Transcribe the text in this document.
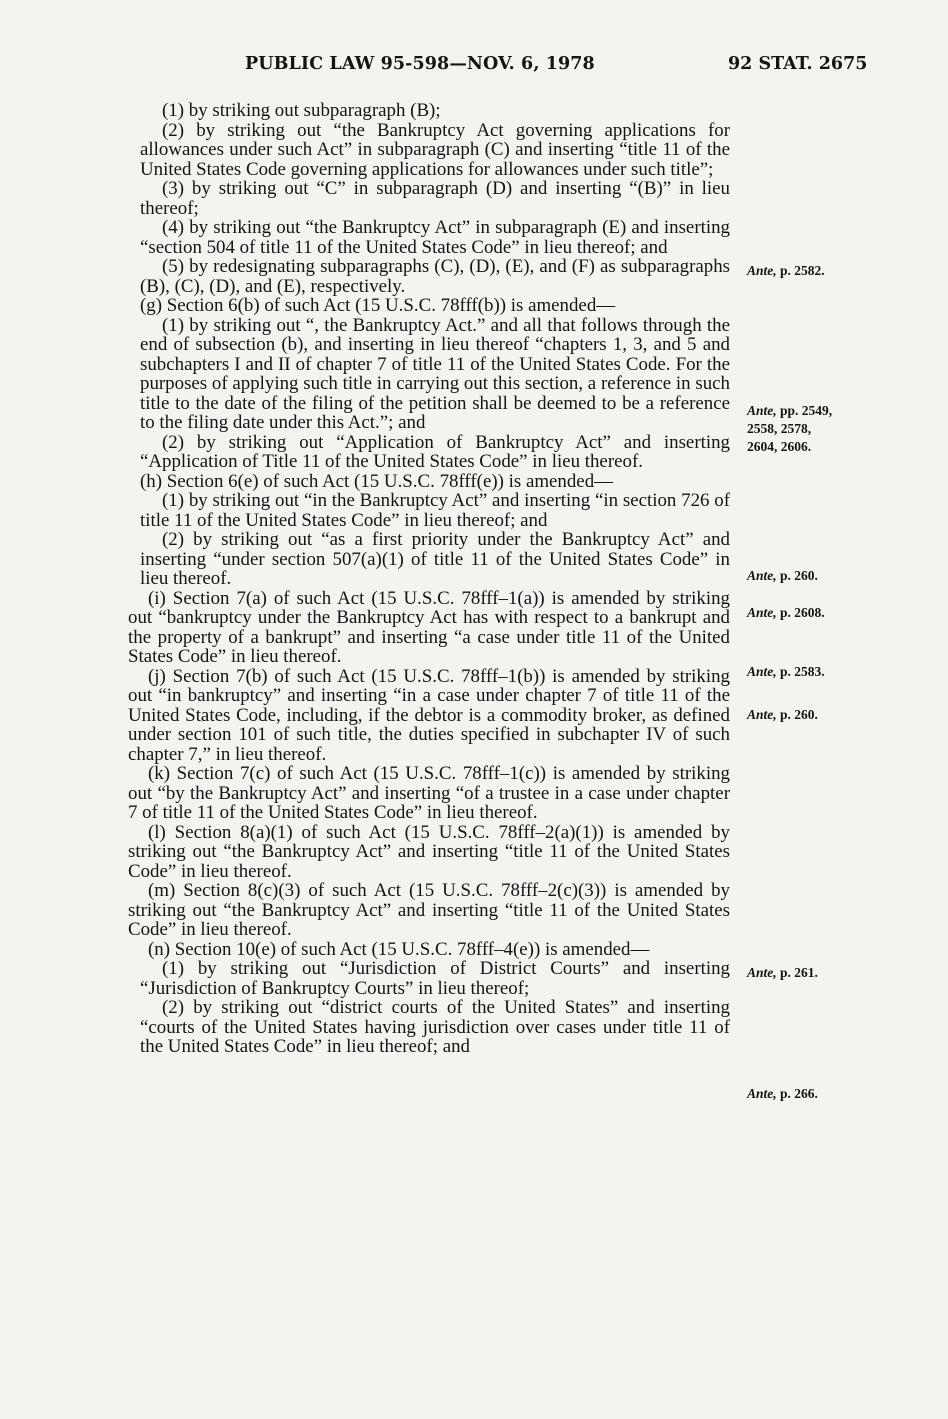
PUBLIC LAW 95-598—NOV. 6, 1978	92 STAT. 2675

(1) by striking out subparagraph (B);

(2) by striking out “the Bankruptcy Act governing applications for allowances under such Act” in subparagraph (C) and inserting “title 11 of the United States Code governing applications for allowances under such title”;

(3) by striking out “C” in subparagraph (D) and inserting “(B)” in lieu thereof;

(4) by striking out “the Bankruptcy Act” in subparagraph (E) and inserting “section 504 of title 11 of the United States Code” in lieu thereof; and

(5) by redesignating subparagraphs (C), (D), (E), and (F) as subparagraphs (B), (C), (D), and (E), respectively.

(g) Section 6(b) of such Act (15 U.S.C. 78fff(b)) is amended—

(1) by striking out “, the Bankruptcy Act.” and all that follows through the end of subsection (b), and inserting in lieu thereof “chapters 1, 3, and 5 and subchapters I and II of chapter 7 of title 11 of the United States Code. For the purposes of applying such title in carrying out this section, a reference in such title to the date of the filing of the petition shall be deemed to be a reference to the filing date under this Act.”; and

(2) by striking out “Application of Bankruptcy Act” and inserting “Application of Title 11 of the United States Code” in lieu thereof.

(h) Section 6(e) of such Act (15 U.S.C. 78fff(e)) is amended—

(1) by striking out “in the Bankruptcy Act” and inserting “in section 726 of title 11 of the United States Code” in lieu thereof; and

(2) by striking out “as a first priority under the Bankruptcy Act” and inserting “under section 507(a)(1) of title 11 of the United States Code” in lieu thereof.

(i) Section 7(a) of such Act (15 U.S.C. 78fff–1(a)) is amended by striking out “bankruptcy under the Bankruptcy Act has with respect to a bankrupt and the property of a bankrupt” and inserting “a case under title 11 of the United States Code” in lieu thereof.

(j) Section 7(b) of such Act (15 U.S.C. 78fff–1(b)) is amended by striking out “in bankruptcy” and inserting “in a case under chapter 7 of title 11 of the United States Code, including, if the debtor is a commodity broker, as defined under section 101 of such title, the duties specified in subchapter IV of such chapter 7,” in lieu thereof.

(k) Section 7(c) of such Act (15 U.S.C. 78fff–1(c)) is amended by striking out “by the Bankruptcy Act” and inserting “of a trustee in a case under chapter 7 of title 11 of the United States Code” in lieu thereof.

(l) Section 8(a)(1) of such Act (15 U.S.C. 78fff–2(a)(1)) is amended by striking out “the Bankruptcy Act” and inserting “title 11 of the United States Code” in lieu thereof.

(m) Section 8(c)(3) of such Act (15 U.S.C. 78fff–2(c)(3)) is amended by striking out “the Bankruptcy Act” and inserting “title 11 of the United States Code” in lieu thereof.

(n) Section 10(e) of such Act (15 U.S.C. 78fff–4(e)) is amended—

(1) by striking out “Jurisdiction of District Courts” and inserting “Jurisdiction of Bankruptcy Courts” in lieu thereof;

(2) by striking out “district courts of the United States” and inserting “courts of the United States having jurisdiction over cases under title 11 of the United States Code” in lieu thereof; and

Ante, p. 2582.
Ante, pp. 2549,
2558, 2578,
2604, 2606.
Ante, p. 260.
Ante, p. 2608.
Ante, p. 2583.
Ante, p. 260.
Ante, p. 261.
Ante, p. 266.
